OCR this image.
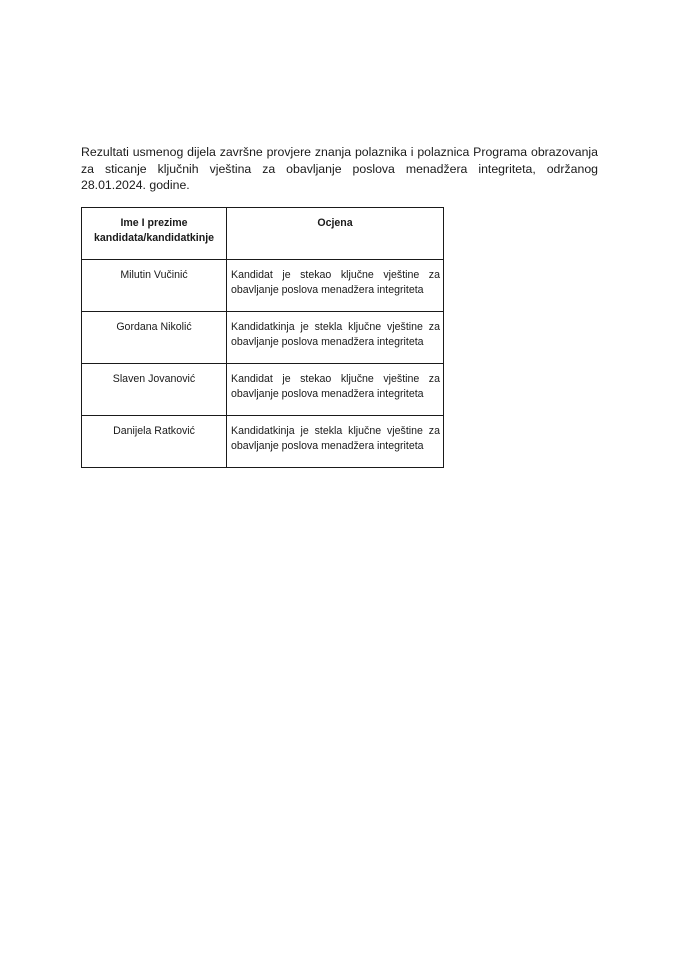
Rezultati usmenog dijela završne provjere znanja polaznika i polaznica Programa obrazovanja za sticanje ključnih vještina za obavljanje poslova menadžera integriteta, održanog 28.01.2024. godine.

Ime I prezime kandidata/kandidatkinje	Ocjena
Milutin Vučinić	Kandidat je stekao ključne vještine za obavljanje poslova menadžera integriteta
Gordana Nikolić	Kandidatkinja je stekla ključne vještine za obavljanje poslova menadžera integriteta
Slaven Jovanović	Kandidat je stekao ključne vještine za obavljanje poslova menadžera integriteta
Danijela Ratković	Kandidatkinja je stekla ključne vještine za obavljanje poslova menadžera integriteta
